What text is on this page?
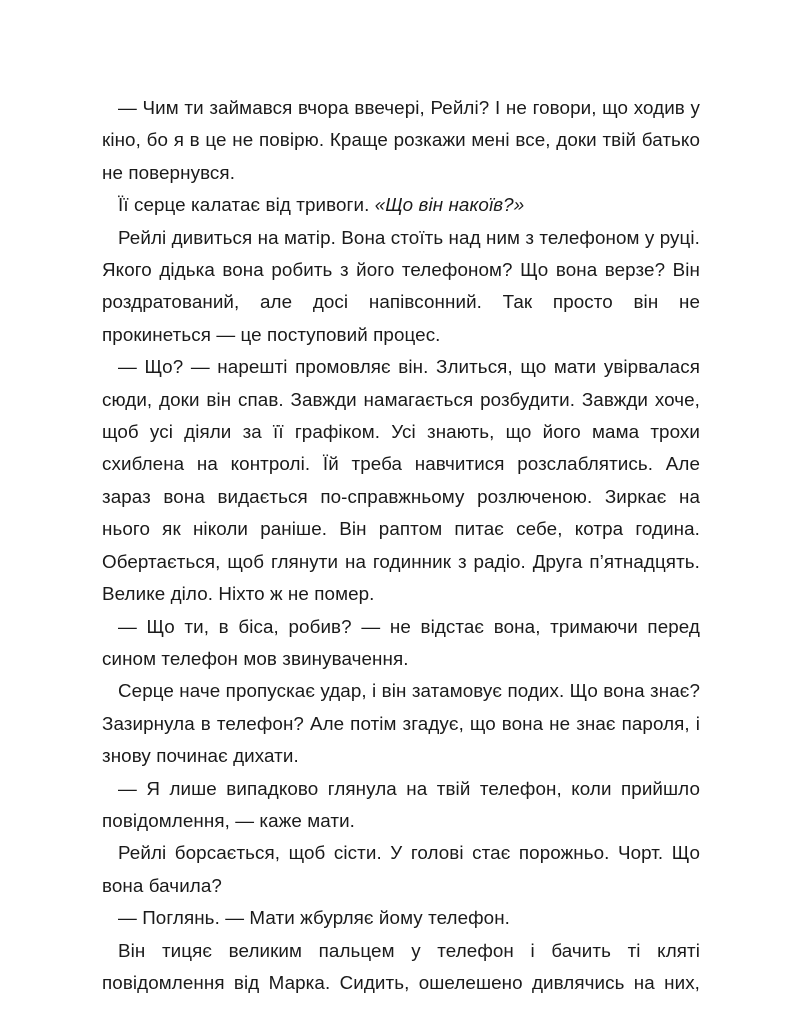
— Чим ти займався вчора ввечері, Рейлі? І не говори, що ходив у кіно, бо я в це не повірю. Краще розкажи мені все, доки твій батько не повернувся.

Її серце калатає від тривоги. «Що він накоїв?»

Рейлі дивиться на матір. Вона стоїть над ним з телефоном у руці. Якого дідька вона робить з його телефоном? Що вона верзе? Він роздратований, але досі напівсонний. Так просто він не прокинеться — це поступовий процес.

— Що? — нарешті промовляє він. Злиться, що мати увірвалася сюди, доки він спав. Завжди намагається розбудити. Завжди хоче, щоб усі діяли за її графіком. Усі знають, що його мама трохи схиблена на контролі. Їй треба навчитися розслаблятись. Але зараз вона видається по-справжньому розлюченою. Зиркає на нього як ніколи раніше. Він раптом питає себе, котра година. Обертається, щоб глянути на годинник з радіо. Друга п’ятнадцять. Велике діло. Ніхто ж не помер.

— Що ти, в біса, робив? — не відстає вона, тримаючи перед сином телефон мов звинувачення.

Серце наче пропускає удар, і він затамовує подих. Що вона знає? Зазирнула в телефон? Але потім згадує, що вона не знає пароля, і знову починає дихати.

— Я лише випадково глянула на твій телефон, коли прийшло повідомлення, — каже мати.

Рейлі борсається, щоб сісти. У голові стає порожньо. Чорт. Що вона бачила?

— Поглянь. — Мати жбурляє йому телефон.

Він тицяє великим пальцем у телефон і бачить ті кляті повідомлення від Марка. Сидить, ошелешено дивлячись на них,
